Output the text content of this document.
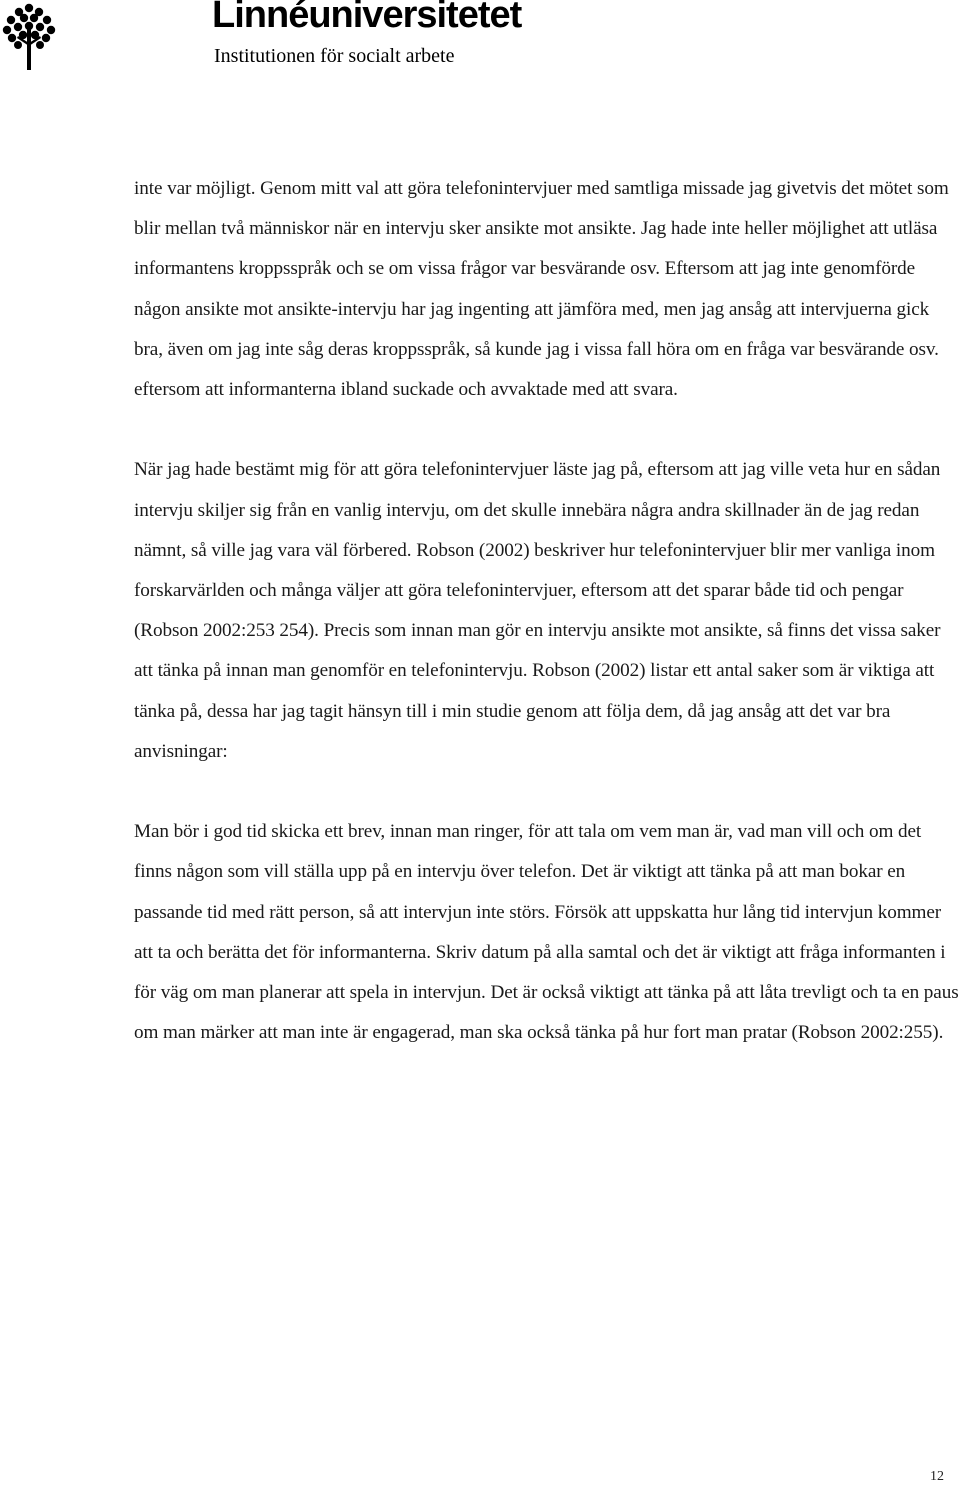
Linnéuniversitetet
Institutionen för socialt arbete

inte var möjligt. Genom mitt val att göra telefonintervjuer med samtliga missade jag givetvis det mötet som blir mellan två människor när en intervju sker ansikte mot ansikte. Jag hade inte heller möjlighet att utläsa informantens kroppsspråk och se om vissa frågor var besvärande osv. Eftersom att jag inte genomförde någon ansikte mot ansikte-intervju har jag ingenting att jämföra med, men jag ansåg att intervjuerna gick bra, även om jag inte såg deras kroppsspråk, så kunde jag i vissa fall höra om en fråga var besvärande osv. eftersom att informanterna ibland suckade och avvaktade med att svara.

När jag hade bestämt mig för att göra telefonintervjuer läste jag på, eftersom att jag ville veta hur en sådan intervju skiljer sig från en vanlig intervju, om det skulle innebära några andra skillnader än de jag redan nämnt, så ville jag vara väl förbered. Robson (2002) beskriver hur telefonintervjuer blir mer vanliga inom forskarvärlden och många väljer att göra telefonintervjuer, eftersom att det sparar både tid och pengar (Robson 2002:253 254). Precis som innan man gör en intervju ansikte mot ansikte, så finns det vissa saker att tänka på innan man genomför en telefonintervju. Robson (2002) listar ett antal saker som är viktiga att tänka på, dessa har jag tagit hänsyn till i min studie genom att följa dem, då jag ansåg att det var bra anvisningar:

Man bör i god tid skicka ett brev, innan man ringer, för att tala om vem man är, vad man vill och om det finns någon som vill ställa upp på en intervju över telefon. Det är viktigt att tänka på att man bokar en passande tid med rätt person, så att intervjun inte störs. Försök att uppskatta hur lång tid intervjun kommer att ta och berätta det för informanterna. Skriv datum på alla samtal och det är viktigt att fråga informanten i för väg om man planerar att spela in intervjun. Det är också viktigt att tänka på att låta trevligt och ta en paus om man märker att man inte är engagerad, man ska också tänka på hur fort man pratar (Robson 2002:255).

12
